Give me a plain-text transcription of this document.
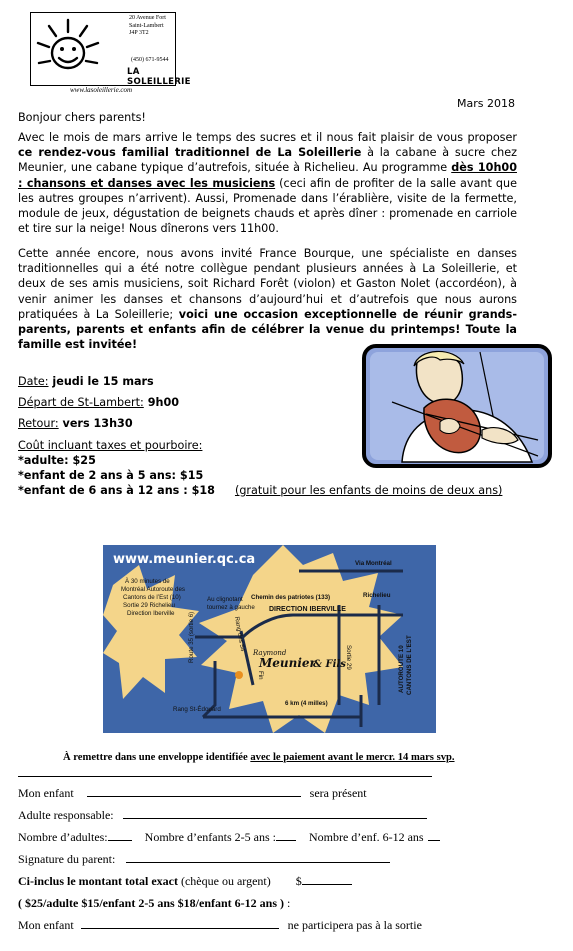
20 Avenue Fort
Saint-Lambert
J4P 3T2
(450) 671-9544
LA SOLEILLERIE
www.lasoleillerie.com
Mars 2018
Bonjour chers parents!
Avec le mois de mars arrive le temps des sucres et il nous fait plaisir de vous proposer ce rendez-vous familial traditionnel de La Soleillerie à la cabane à sucre chez Meunier, une cabane typique d’autrefois, située à Richelieu. Au programme dès 10h00 : chansons et danses avec les musiciens (ceci afin de profiter de la salle avant que les autres groupes n’arrivent). Aussi, Promenade dans l’érablière, visite de la fermette, module de jeux, dégustation de beignets chauds et après dîner : promenade en carriole et tire sur la neige! Nous dînerons vers 11h00.
Cette année encore, nous avons invité France Bourque, une spécialiste en danses traditionnelles qui a été notre collègue pendant plusieurs années à La Soleillerie, et deux de ses amis musiciens, soit Richard Forêt (violon) et Gaston Nolet (accordéon), à venir animer les danses et chansons d’aujourd’hui et d’autrefois que nous aurons pratiquées à La Soleillerie; voici une occasion exceptionnelle de réunir grands-parents, parents et enfants afin de célébrer la venue du printemps! Toute la famille est invitée!
Date: jeudi le 15 mars
Départ de St-Lambert: 9h00
Retour: vers 13h30
Coût incluant taxes et pourboire:
*adulte: $25
*enfant de 2 ans à 5 ans: $15
*enfant de 6 ans à 12 ans : $18 (gratuit pour les enfants de moins de deux ans)
www.meunier.qc.ca
À 30 minutes de
Montréal Autoroute des
Cantons de l’Est (10)
Sortie 29 Richelieu
Direction Iberville
Au clignotant
tournez à gauche
Chemin des patriotes (133)	Richelieu
Via Montréal
DIRECTION IBERVILLE
AUTOROUTE 10 CANTONS DE L’EST
Sortie 29
Route 35 (sortie 6)	Rang des 54
Rang St-Édouard
Fin
6 km (4 milles)
Raymond
Meunier
& Fils
À remettre dans une enveloppe identifiée avec le paiement avant le mercr. 14 mars svp.
Mon enfant	sera présent
Adulte responsable:
Nombre d’adultes:	Nombre d’enfants 2-5 ans :	Nombre d’enf. 6-12 ans
Signature du parent:
Ci-inclus le montant total exact (chèque ou argent) $
( $25/adulte $15/enfant 2-5 ans $18/enfant 6-12 ans ) :
Mon enfant	ne participera pas à la sortie
